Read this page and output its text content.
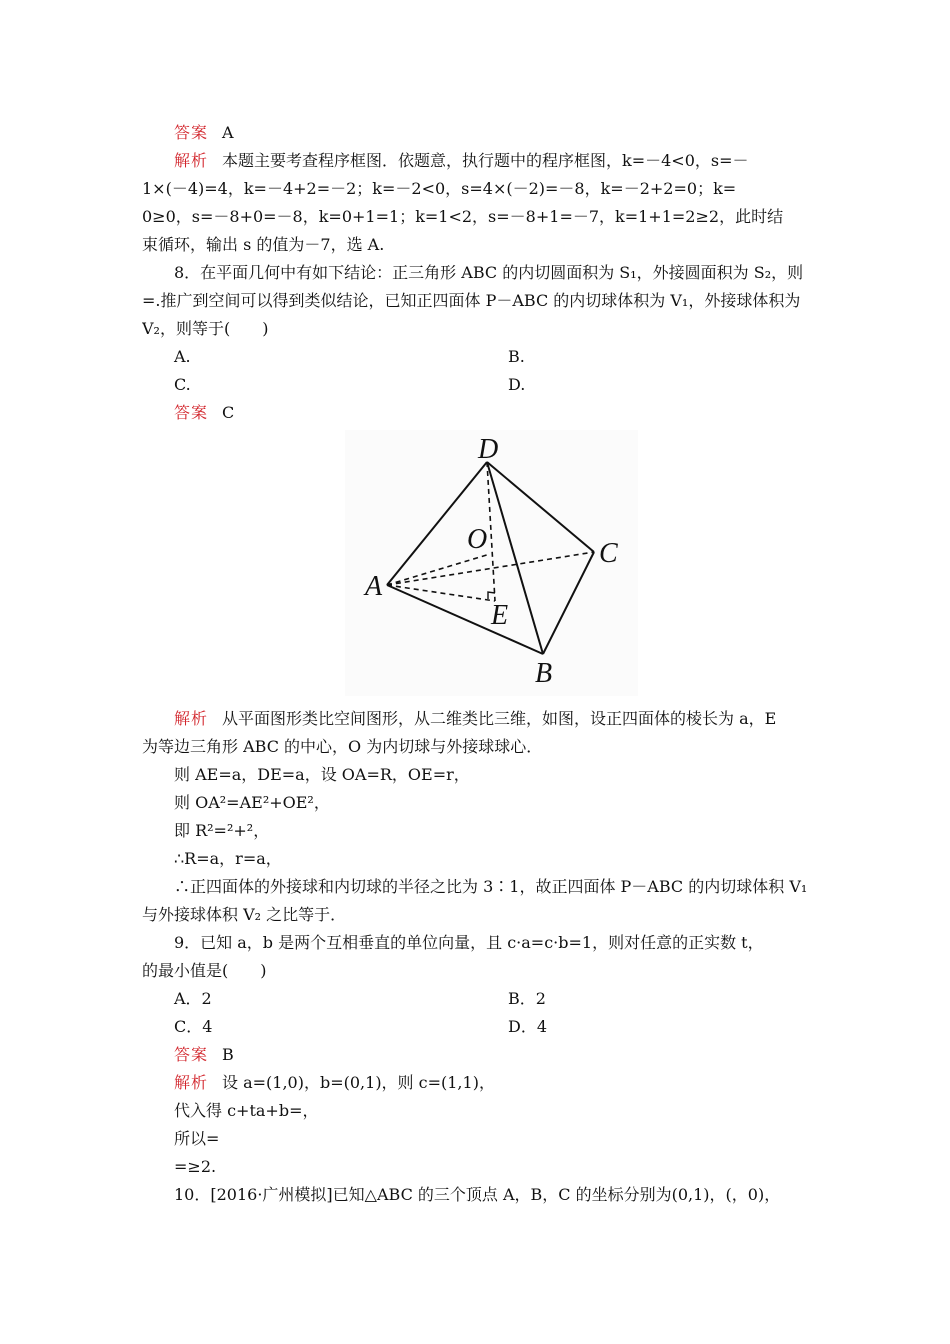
答案 A
解析 本题主要考查程序框图．依题意，执行题中的程序框图，k=－4<0，s=－
1×(－4)=4，k=－4+2=－2；k=－2<0，s=4×(－2)=－8，k=－2+2=0；k=
0≥0，s=－8+0=－8，k=0+1=1；k=1<2，s=－8+1=－7，k=1+1=2≥2，此时结
束循环，输出 s 的值为－7，选 A.
8．在平面几何中有如下结论：正三角形 ABC 的内切圆面积为 S₁，外接圆面积为 S₂，则
=.推广到空间可以得到类似结论，已知正四面体 P－ABC 的内切球体积为 V₁，外接球体积为
V₂，则等于(　　)
A.	B.
C.	D.
答案 C
D
O	C
A
E
B
解析 从平面图形类比空间图形，从二维类比三维，如图，设正四面体的棱长为 a，E
为等边三角形 ABC 的中心，O 为内切球与外接球球心．
则 AE=a，DE=a，设 OA=R，OE=r，
则 OA²=AE²+OE²，
即 R²=²+²，
∴R=a，r=a，
∴正四面体的外接球和内切球的半径之比为 3∶1，故正四面体 P－ABC 的内切球体积 V₁
与外接球体积 V₂ 之比等于．
9．已知 a，b 是两个互相垂直的单位向量，且 c·a=c·b=1，则对任意的正实数 t，
的最小值是(　　)
A．2	B．2
C．4	D．4
答案 B
解析 设 a=(1,0)，b=(0,1)，则 c=(1,1)，
代入得 c+ta+b=，
所以=
=≥2.
10．[2016·广州模拟]已知△ABC 的三个顶点 A，B，C 的坐标分别为(0,1)，(，0)，
